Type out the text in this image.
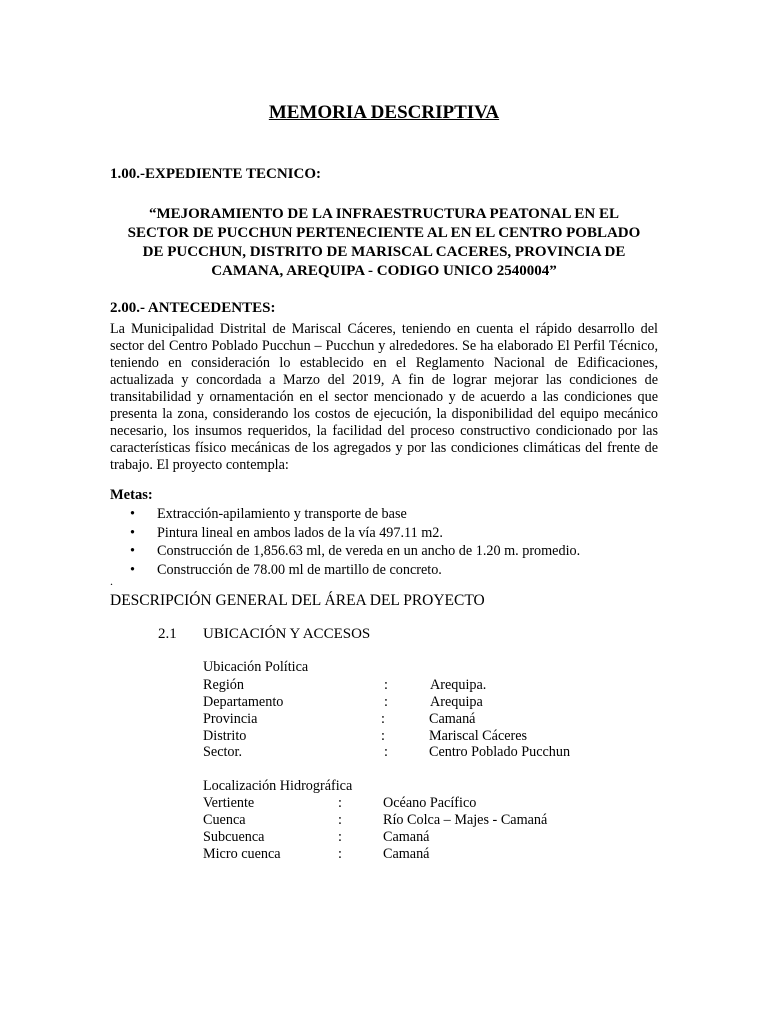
MEMORIA DESCRIPTIVA
1.00.-EXPEDIENTE TECNICO:
“MEJORAMIENTO DE LA INFRAESTRUCTURA PEATONAL EN EL
SECTOR DE PUCCHUN PERTENECIENTE AL EN EL CENTRO POBLADO
DE PUCCHUN, DISTRITO DE MARISCAL CACERES, PROVINCIA DE
CAMANA, AREQUIPA - CODIGO UNICO 2540004”
2.00.- ANTECEDENTES:
La Municipalidad Distrital de Mariscal Cáceres, teniendo en cuenta el rápido desarrollo del sector del Centro Poblado Pucchun – Pucchun y alrededores. Se ha elaborado El Perfil Técnico, teniendo en consideración lo establecido en el Reglamento Nacional de Edificaciones, actualizada y concordada a Marzo del 2019, A fin de lograr mejorar las condiciones de transitabilidad y ornamentación en el sector mencionado y de acuerdo a las condiciones que presenta la zona, considerando los costos de ejecución, la disponibilidad del equipo mecánico necesario, los insumos requeridos, la facilidad del proceso constructivo condicionado por las características físico mecánicas de los agregados y por las condiciones climáticas del frente de trabajo. El proyecto contempla:
Metas:
• Extracción-apilamiento y transporte de base
• Pintura lineal en ambos lados de la vía 497.11 m2.
• Construcción de 1,856.63 ml, de vereda en un ancho de 1.20 m. promedio.
• Construcción de 78.00 ml de martillo de concreto.
.
DESCRIPCIÓN GENERAL DEL ÁREA DEL PROYECTO
2.1 UBICACIÓN Y ACCESOS
Ubicación Política
Región	:	Arequipa.
Departamento	:	Arequipa
Provincia	:	Camaná
Distrito	:	Mariscal Cáceres
Sector.	:	Centro Poblado Pucchun
Localización Hidrográfica
Vertiente	:	Océano Pacífico
Cuenca	:	Río Colca – Majes - Camaná
Subcuenca	:	Camaná
Micro cuenca	:	Camaná
